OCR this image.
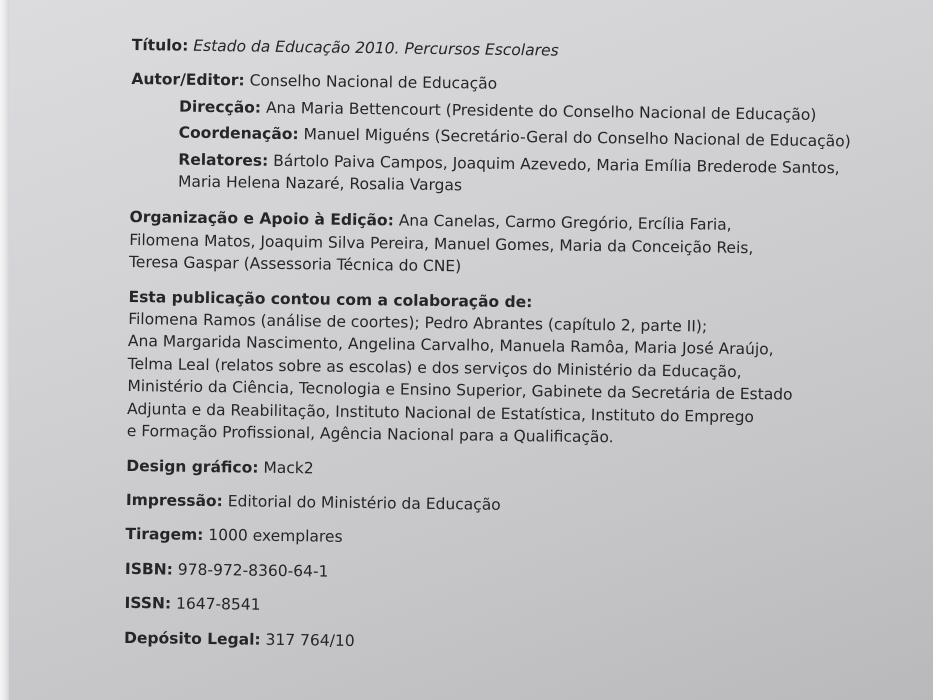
Título: Estado da Educação 2010. Percursos Escolares
Autor/Editor: Conselho Nacional de Educação
Direcção: Ana Maria Bettencourt (Presidente do Conselho Nacional de Educação)
Coordenação: Manuel Miguéns (Secretário-Geral do Conselho Nacional de Educação)
Relatores: Bártolo Paiva Campos, Joaquim Azevedo, Maria Emília Brederode Santos,
Maria Helena Nazaré, Rosalia Vargas
Organização e Apoio à Edição: Ana Canelas, Carmo Gregório, Ercília Faria,
Filomena Matos, Joaquim Silva Pereira, Manuel Gomes, Maria da Conceição Reis,
Teresa Gaspar (Assessoria Técnica do CNE)
Esta publicação contou com a colaboração de:
Filomena Ramos (análise de coortes); Pedro Abrantes (capítulo 2, parte II);
Ana Margarida Nascimento, Angelina Carvalho, Manuela Ramôa, Maria José Araújo,
Telma Leal (relatos sobre as escolas) e dos serviços do Ministério da Educação,
Ministério da Ciência, Tecnologia e Ensino Superior, Gabinete da Secretária de Estado
Adjunta e da Reabilitação, Instituto Nacional de Estatística, Instituto do Emprego
e Formação Profissional, Agência Nacional para a Qualificação.
Design gráfico: Mack2
Impressão: Editorial do Ministério da Educação
Tiragem: 1000 exemplares
ISBN: 978-972-8360-64-1
ISSN: 1647-8541
Depósito Legal: 317 764/10
